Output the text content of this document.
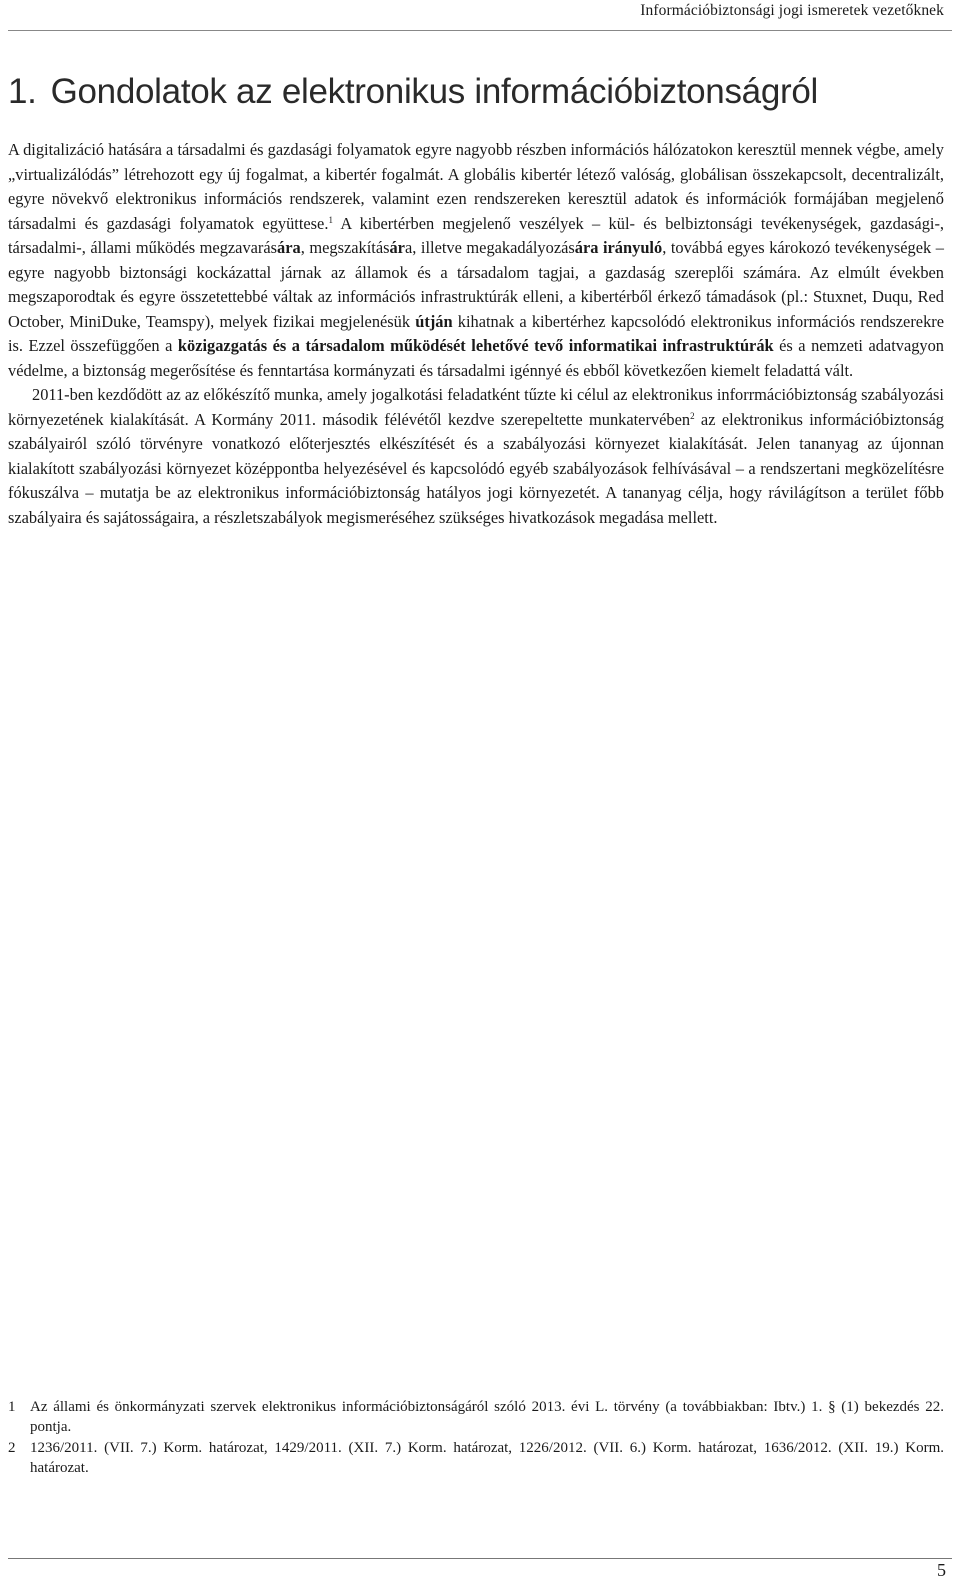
Információbiztonsági jogi ismeretek vezetőknek
1. Gondolatok az elektronikus információbiztonságról

A digitalizáció hatására a társadalmi és gazdasági folyamatok egyre nagyobb részben információs hálózatokon keresztül mennek végbe, amely „virtualizálódás” létrehozott egy új fogalmat, a kibertér fogalmát. A globális kibertér létező valóság, globálisan összekapcsolt, decentralizált, egyre növekvő elektronikus információs rendszerek, valamint ezen rendszereken keresztül adatok és információk formájában megjelenő társadalmi és gazdasági folyamatok együttese.$^1$ A kibertérben megjelenő veszélyek – kül- és belbiztonsági tevékenységek, gazdasági-, társadalmi-, állami működés megzavarására, megszakítására, illetve megakadályozására irányuló, továbbá egyes károkozó tevékenységek – egyre nagyobb biztonsági kockázattal járnak az államok és a társadalom tagjai, a gazdaság szereplői számára. Az elmúlt években megszaporodtak és egyre összetettebbé váltak az információs infrastruktúrák elleni, a kibertérből érkező támadások (pl.: Stuxnet, Duqu, Red October, MiniDuke, Teamspy), melyek fizikai megjelenésük útján kihatnak a kibertérhez kapcsolódó elektronikus információs rendszerekre is. Ezzel összefüggően a közigazgatás és a társadalom működését lehetővé tevő informatikai infrastruktúrák és a nemzeti adatvagyon védelme, a biztonság megerősítése és fenntartása kormányzati és társadalmi igénnyé és ebből következően kiemelt feladattá vált.

2011-ben kezdődött az az előkészítő munka, amely jogalkotási feladatként tűzte ki célul az elektronikus inforrmációbiztonság szabályozási környezetének kialakítását. A Kormány 2011. második félévétől kezdve szerepeltette munkatervében$^2$ az elektronikus információbiztonság szabályairól szóló törvényre vonatkozó előterjesztés elkészítését és a szabályozási környezet kialakítását. Jelen tananyag az újonnan kialakított szabályozási környezet középpontba helyezésével és kapcsolódó egyéb szabályozások felhívásával – a rendszertani megközelítésre fókuszálva – mutatja be az elektronikus információbiztonság hatályos jogi környezetét. A tananyag célja, hogy rávilágítson a terület főbb szabályaira és sajátosságaira, a részletszabályok megismeréséhez szükséges hivatkozások megadása mellett.

1 Az állami és önkormányzati szervek elektronikus információbiztonságáról szóló 2013. évi L. törvény (a továbbiakban: Ibtv.) 1. § (1) bekezdés 22. pontja.
2 1236/2011. (VII. 7.) Korm. határozat, 1429/2011. (XII. 7.) Korm. határozat, 1226/2012. (VII. 6.) Korm. határozat, 1636/2012. (XII. 19.) Korm. határozat.
5
